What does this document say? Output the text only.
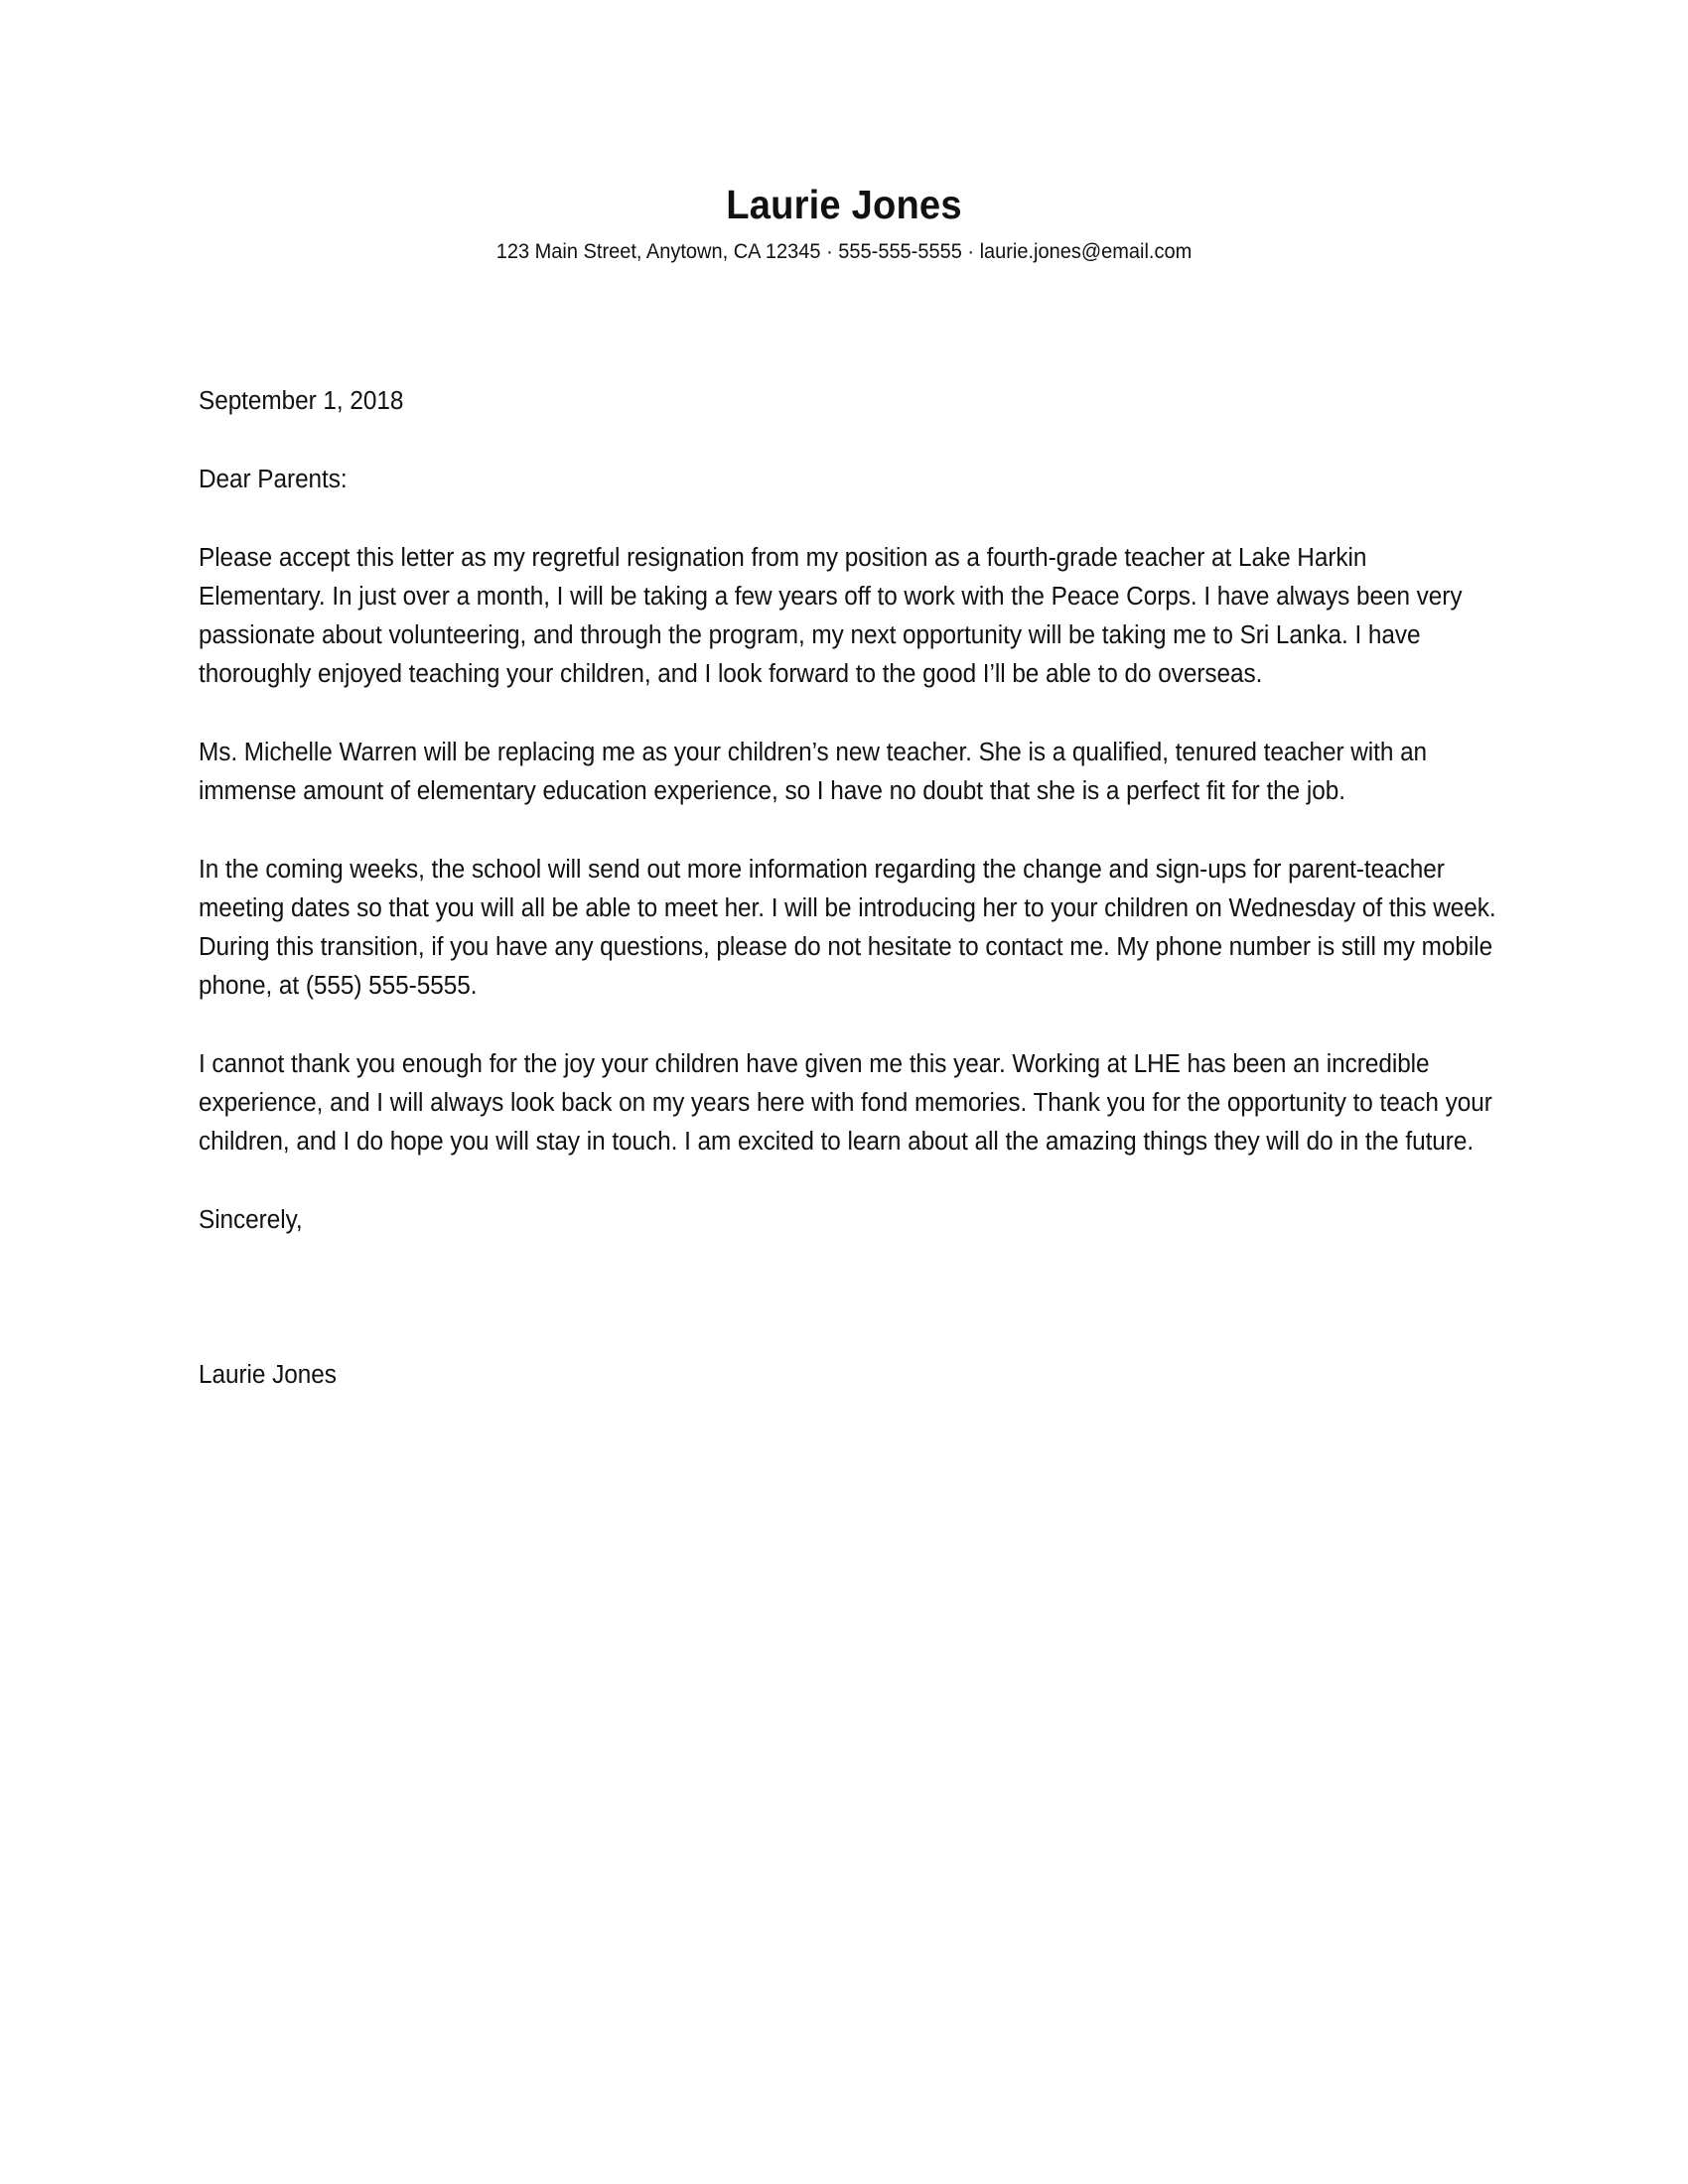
Laurie Jones
123 Main Street, Anytown, CA 12345 · 555-555-5555 · laurie.jones@email.com
September 1, 2018
Dear Parents:

Please accept this letter as my regretful resignation from my position as a fourth-grade teacher at Lake Harkin Elementary. In just over a month, I will be taking a few years off to work with the Peace Corps. I have always been very passionate about volunteering, and through the program, my next opportunity will be taking me to Sri Lanka. I have thoroughly enjoyed teaching your children, and I look forward to the good I’ll be able to do overseas.

Ms. Michelle Warren will be replacing me as your children’s new teacher. She is a qualified, tenured teacher with an immense amount of elementary education experience, so I have no doubt that she is a perfect fit for the job.

In the coming weeks, the school will send out more information regarding the change and sign-ups for parent-teacher meeting dates so that you will all be able to meet her. I will be introducing her to your children on Wednesday of this week. During this transition, if you have any questions, please do not hesitate to contact me. My phone number is still my mobile phone, at (555) 555-5555.

I cannot thank you enough for the joy your children have given me this year. Working at LHE has been an incredible experience, and I will always look back on my years here with fond memories. Thank you for the opportunity to teach your children, and I do hope you will stay in touch. I am excited to learn about all the amazing things they will do in the future.

Sincerely,
Laurie Jones
